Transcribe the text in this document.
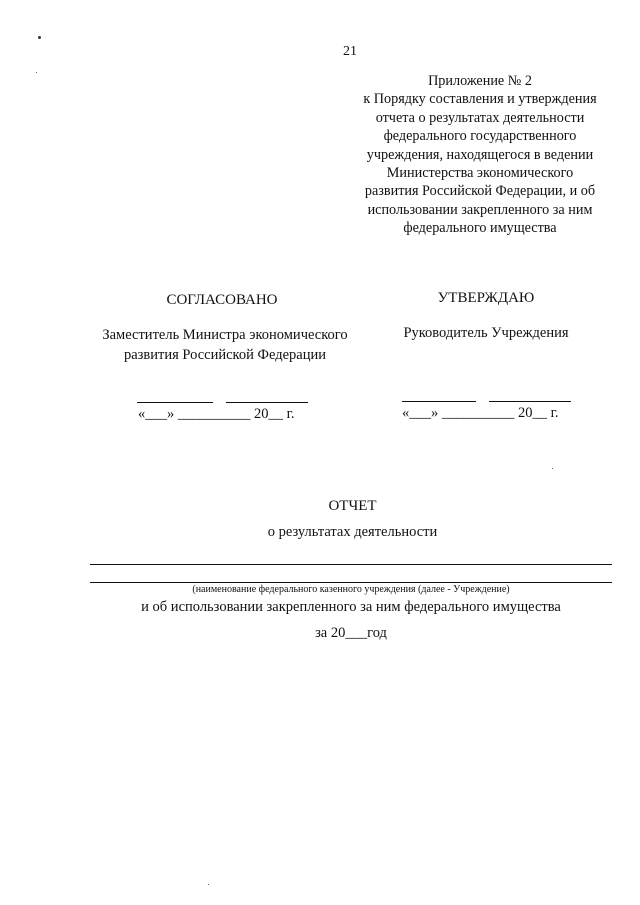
21
Приложение № 2
к Порядку составления и утверждения
отчета о результатах деятельности
федерального государственного
учреждения, находящегося в ведении
Министерства экономического
развития Российской Федерации, и об
использовании закрепленного за ним
федерального имущества
СОГЛАСОВАНО
Заместитель Министра экономического
развития Российской Федерации
«___» __________ 20__ г.
УТВЕРЖДАЮ
Руководитель Учреждения
«___» __________ 20__ г.
ОТЧЕТ
о результатах деятельности
(наименование федерального казенного учреждения (далее - Учреждение)
и об использовании закрепленного за ним федерального имущества
за 20___год
